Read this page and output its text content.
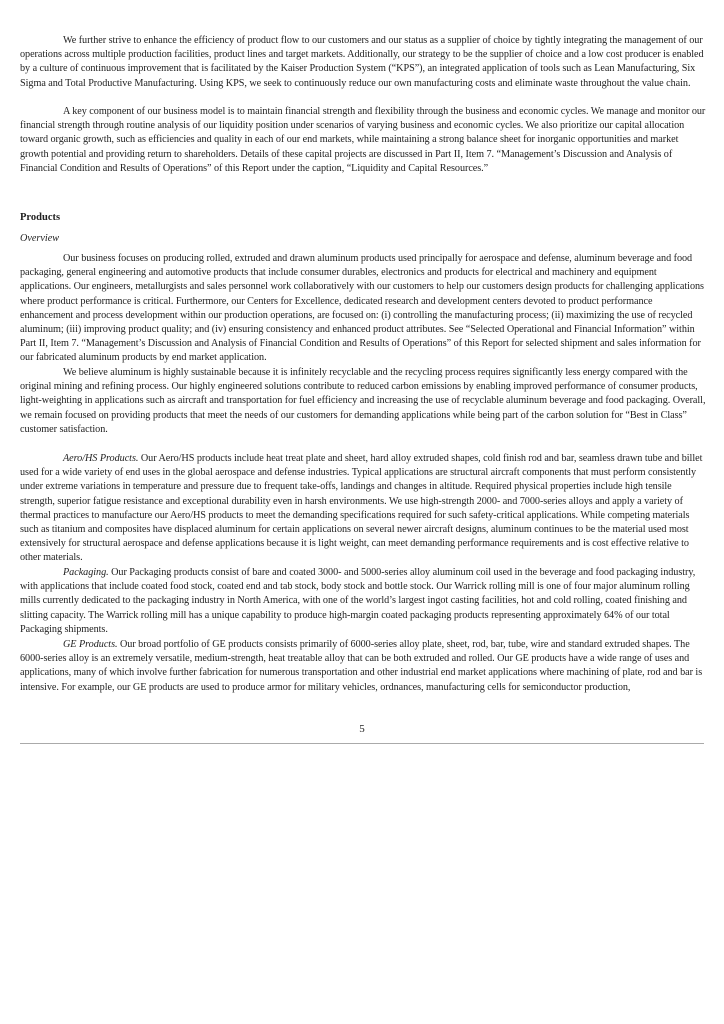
We further strive to enhance the efficiency of product flow to our customers and our status as a supplier of choice by tightly integrating the management of our operations across multiple production facilities, product lines and target markets. Additionally, our strategy to be the supplier of choice and a low cost producer is enabled by a culture of continuous improvement that is facilitated by the Kaiser Production System (“KPS”), an integrated application of tools such as Lean Manufacturing, Six Sigma and Total Productive Manufacturing. Using KPS, we seek to continuously reduce our own manufacturing costs and eliminate waste throughout the value chain.

A key component of our business model is to maintain financial strength and flexibility through the business and economic cycles. We manage and monitor our financial strength through routine analysis of our liquidity position under scenarios of varying business and economic cycles. We also prioritize our capital allocation toward organic growth, such as efficiencies and quality in each of our end markets, while maintaining a strong balance sheet for inorganic opportunities and market growth potential and providing return to shareholders. Details of these capital projects are discussed in Part II, Item 7. “Management’s Discussion and Analysis of Financial Condition and Results of Operations” of this Report under the caption, “Liquidity and Capital Resources.”

Products
Overview

Our business focuses on producing rolled, extruded and drawn aluminum products used principally for aerospace and defense, aluminum beverage and food packaging, general engineering and automotive products that include consumer durables, electronics and products for electrical and machinery and equipment applications. Our engineers, metallurgists and sales personnel work collaboratively with our customers to help our customers design products for challenging applications where product performance is critical. Furthermore, our Centers for Excellence, dedicated research and development centers devoted to product performance enhancement and process development within our production operations, are focused on: (i) controlling the manufacturing process; (ii) maximizing the use of recycled aluminum; (iii) improving product quality; and (iv) ensuring consistency and enhanced product attributes. See “Selected Operational and Financial Information” within Part II, Item 7. “Management’s Discussion and Analysis of Financial Condition and Results of Operations” of this Report for selected shipment and sales information for our fabricated aluminum products by end market application.

We believe aluminum is highly sustainable because it is infinitely recyclable and the recycling process requires significantly less energy compared with the original mining and refining process. Our highly engineered solutions contribute to reduced carbon emissions by enabling improved performance of consumer products, light-weighting in applications such as aircraft and transportation for fuel efficiency and increasing the use of recyclable aluminum beverage and food packaging. Overall, we remain focused on providing products that meet the needs of our customers for demanding applications while being part of the carbon solution for “Best in Class” customer satisfaction.

Aero/HS Products. Our Aero/HS products include heat treat plate and sheet, hard alloy extruded shapes, cold finish rod and bar, seamless drawn tube and billet used for a wide variety of end uses in the global aerospace and defense industries. Typical applications are structural aircraft components that must perform consistently under extreme variations in temperature and pressure due to frequent take-offs, landings and changes in altitude. Required physical properties include high tensile strength, superior fatigue resistance and exceptional durability even in harsh environments. We use high-strength 2000- and 7000-series alloys and apply a variety of thermal practices to manufacture our Aero/HS products to meet the demanding specifications required for such safety-critical applications. While competing materials such as titanium and composites have displaced aluminum for certain applications on several newer aircraft designs, aluminum continues to be the material used most extensively for structural aerospace and defense applications because it is light weight, can meet demanding performance requirements and is cost effective relative to other materials.

Packaging. Our Packaging products consist of bare and coated 3000- and 5000-series alloy aluminum coil used in the beverage and food packaging industry, with applications that include coated food stock, coated end and tab stock, body stock and bottle stock. Our Warrick rolling mill is one of four major aluminum rolling mills currently dedicated to the packaging industry in North America, with one of the world’s largest ingot casting facilities, hot and cold rolling, coated finishing and slitting capacity. The Warrick rolling mill has a unique capability to produce high-margin coated packaging products representing approximately 64% of our total Packaging shipments.

GE Products. Our broad portfolio of GE products consists primarily of 6000-series alloy plate, sheet, rod, bar, tube, wire and standard extruded shapes. The 6000-series alloy is an extremely versatile, medium-strength, heat treatable alloy that can be both extruded and rolled. Our GE products have a wide range of uses and applications, many of which involve further fabrication for numerous transportation and other industrial end market applications where machining of plate, rod and bar is intensive. For example, our GE products are used to produce armor for military vehicles, ordnances, manufacturing cells for semiconductor production,

5
